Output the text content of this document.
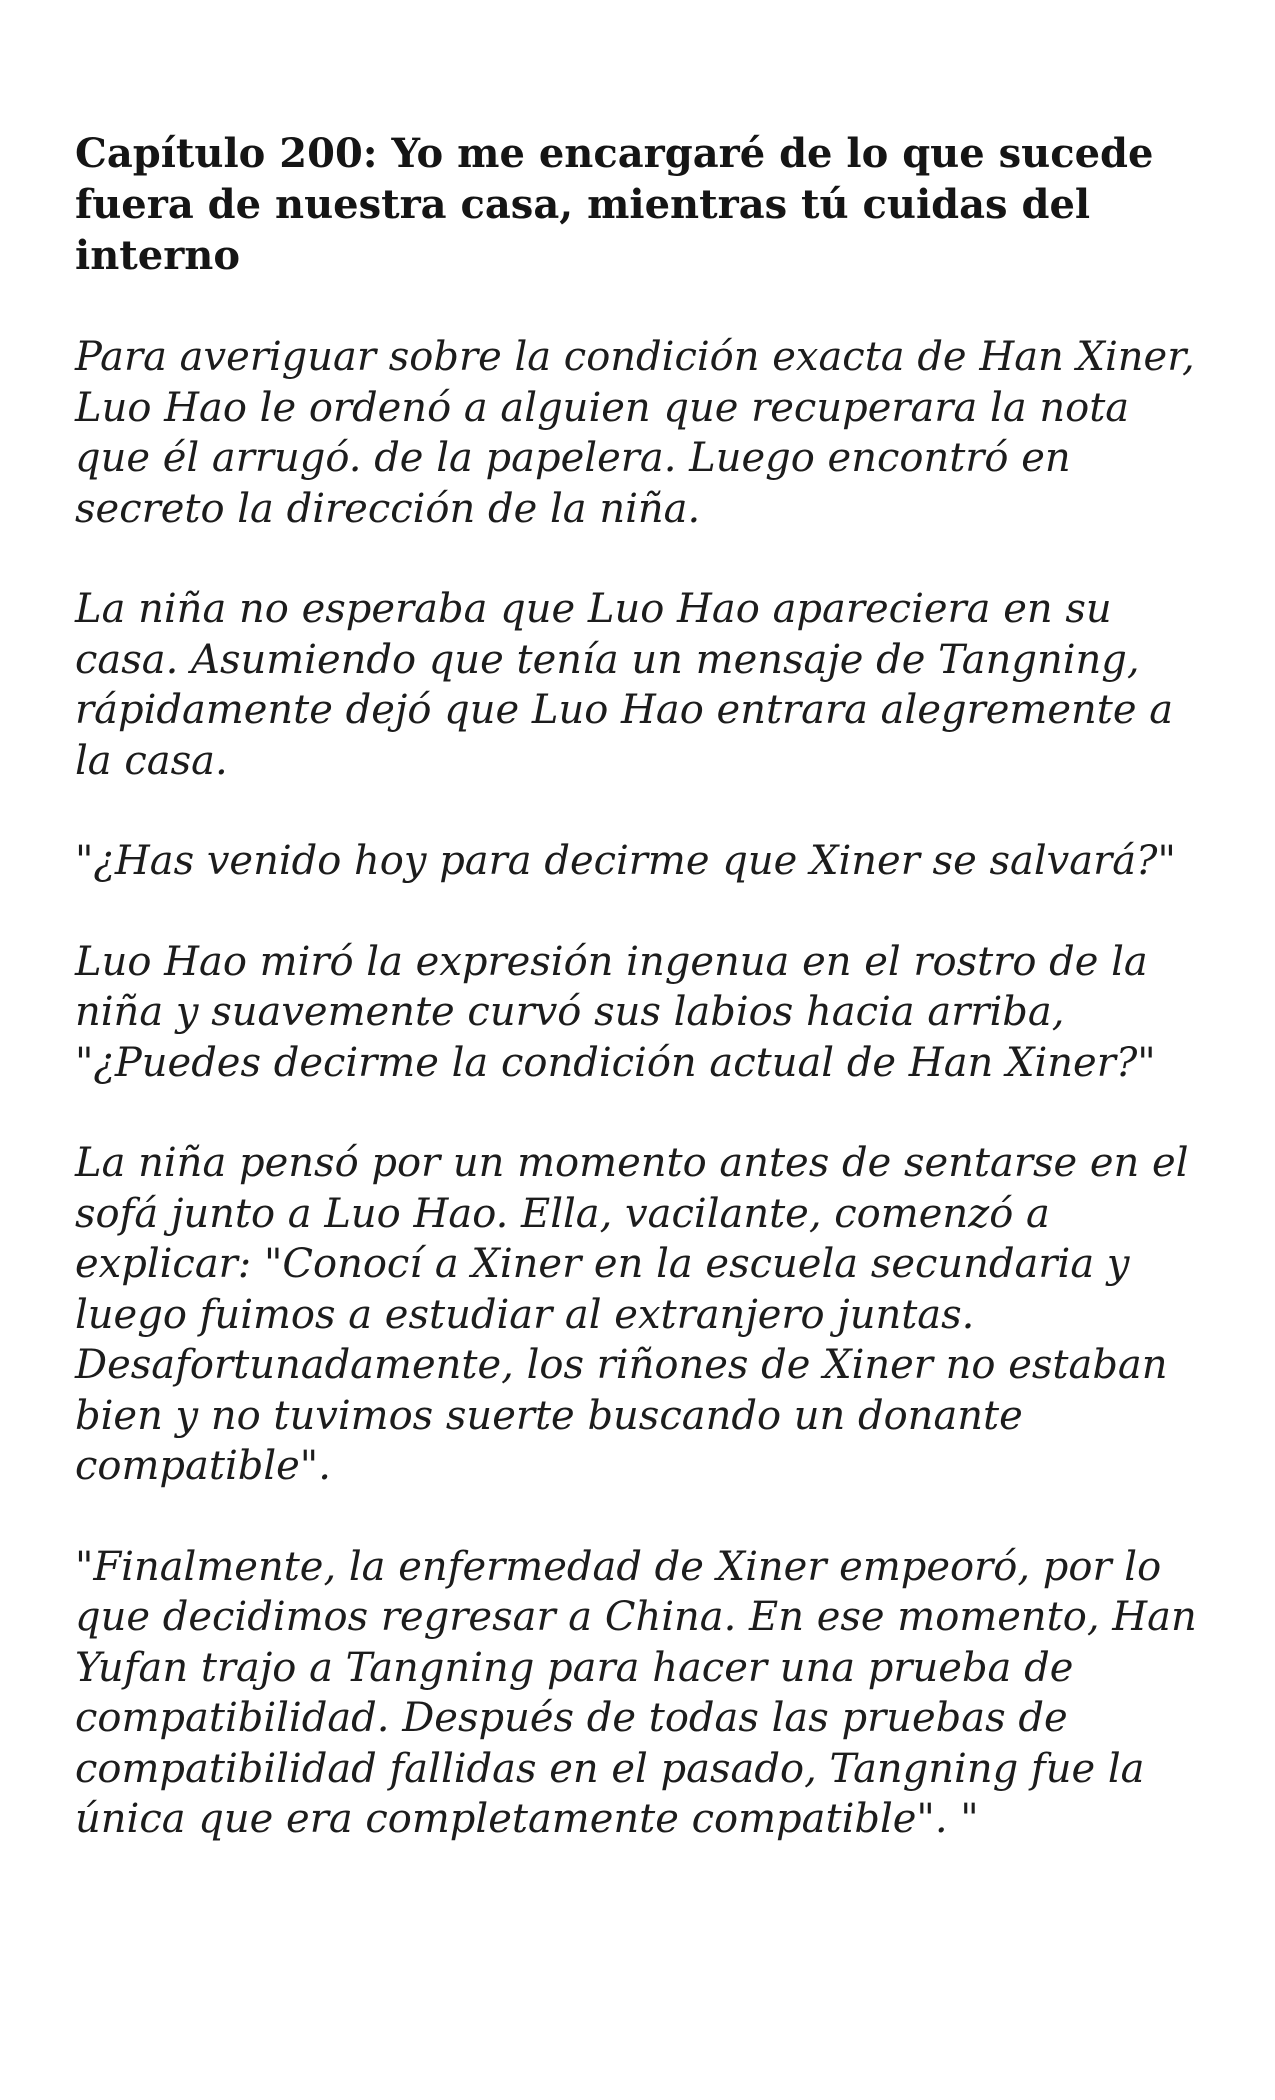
Capítulo 200: Yo me encargaré de lo que sucede fuera de nuestra casa, mientras tú cuidas del interno

Para averiguar sobre la condición exacta de Han Xiner, Luo Hao le ordenó a alguien que recuperara la nota que él arrugó. de la papelera. Luego encontró en secreto la dirección de la niña.

La niña no esperaba que Luo Hao apareciera en su casa. Asumiendo que tenía un mensaje de Tangning, rápidamente dejó que Luo Hao entrara alegremente a la casa.

"¿Has venido hoy para decirme que Xiner se salvará?"

Luo Hao miró la expresión ingenua en el rostro de la niña y suavemente curvó sus labios hacia arriba, "¿Puedes decirme la condición actual de Han Xiner?"

La niña pensó por un momento antes de sentarse en el sofá junto a Luo Hao. Ella, vacilante, comenzó a explicar: "Conocí a Xiner en la escuela secundaria y luego fuimos a estudiar al extranjero juntas. Desafortunadamente, los riñones de Xiner no estaban bien y no tuvimos suerte buscando un donante compatible".

"Finalmente, la enfermedad de Xiner empeoró, por lo que decidimos regresar a China. En ese momento, Han Yufan trajo a Tangning para hacer una prueba de compatibilidad. Después de todas las pruebas de compatibilidad fallidas en el pasado, Tangning fue la única que era completamente compatible". "
